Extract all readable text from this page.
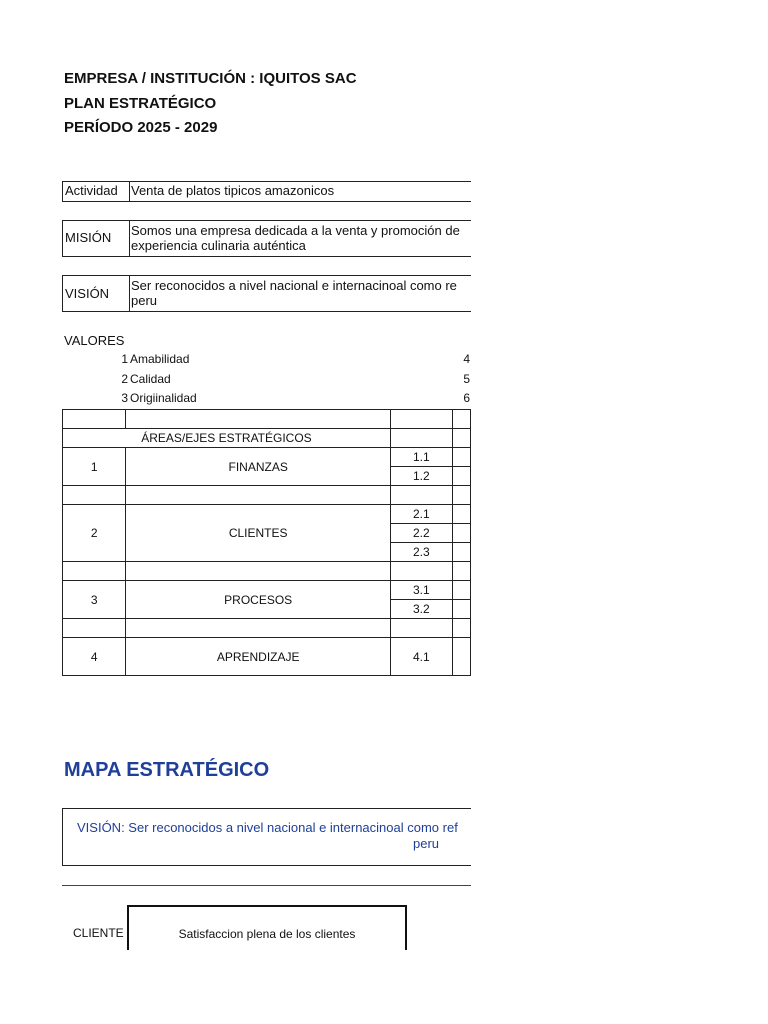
EMPRESA / INSTITUCIÓN : IQUITOS SAC
PLAN ESTRATÉGICO
PERÍODO 2025 - 2029
Actividad Venta de platos tipicos amazonicos
MISIÓN Somos una empresa dedicada a la venta y promoción de
experiencia culinaria auténtica
VISIÓN
Ser reconocidos a nivel nacional e internacinoal como re
peru
VALORES
1 Amabilidad	4
2 Calidad	5
3 Origiinalidad	6

ÁREAS/EJES ESTRATÉGICOS			
1	FINANZAS	1.1	
		1.2	

2	CLIENTES	2.1	
		2.2	
		2.3	

3	PROCESOS	3.1	
		3.2	

4	APRENDIZAJE	4.1	
MAPA ESTRATÉGICO
VISIÓN: Ser reconocidos a nivel nacional e internacinoal como ref
peru
CLIENTE	Satisfaccion plena de los clientes
